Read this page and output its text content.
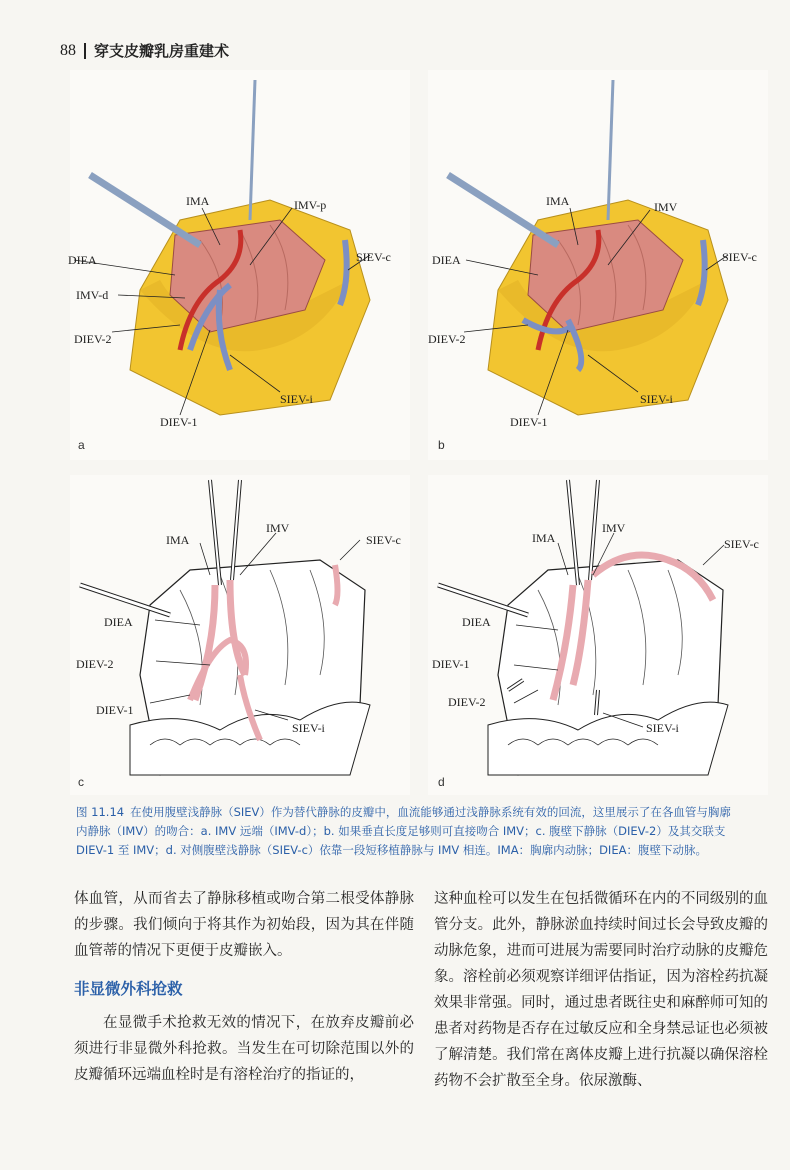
88 穿支皮瓣乳房重建术
IMA	IMV-p
SIEV-c
DIEA
IMV-d
DIEV-2
SIEV-i
DIEV-1
a
IMA	IMV
SIEV-c
DIEA
DIEV-2
SIEV-i
DIEV-1
b
IMA
IMV
SIEV-c
DIEA
DIEV-2
DIEV-1
SIEV-i
c
IMA
IMV
SIEV-c
DIEA
DIEV-1
DIEV-2
SIEV-i
d
图 11.14 在使用腹壁浅静脉（SIEV）作为替代静脉的皮瓣中，血流能够通过浅静脉系统有效的回流，这里展示了在各血管与胸廓内静脉（IMV）的吻合：a. IMV 远端（IMV-d）；b. 如果垂直长度足够则可直接吻合 IMV；c. 腹壁下静脉（DIEV-2）及其交联支 DIEV-1 至 IMV；d. 对侧腹壁浅静脉（SIEV-c）依靠一段短移植静脉与 IMV 相连。IMA：胸廓内动脉；DIEA：腹壁下动脉。

体血管，从而省去了静脉移植或吻合第二根受体静脉的步骤。我们倾向于将其作为初始段，因为其在伴随血管蒂的情况下更便于皮瓣嵌入。

非显微外科抢救

在显微手术抢救无效的情况下，在放弃皮瓣前必须进行非显微外科抢救。当发生在可切除范围以外的皮瓣循环远端血栓时是有溶栓治疗的指证的，

这种血栓可以发生在包括微循环在内的不同级别的血管分支。此外，静脉淤血持续时间过长会导致皮瓣的动脉危象，进而可进展为需要同时治疗动脉的皮瓣危象。溶栓前必须观察详细评估指证，因为溶栓药抗凝效果非常强。同时，通过患者既往史和麻醉师可知的患者对药物是否存在过敏反应和全身禁忌证也必须被了解清楚。我们常在离体皮瓣上进行抗凝以确保溶栓药物不会扩散至全身。依尿激酶、
